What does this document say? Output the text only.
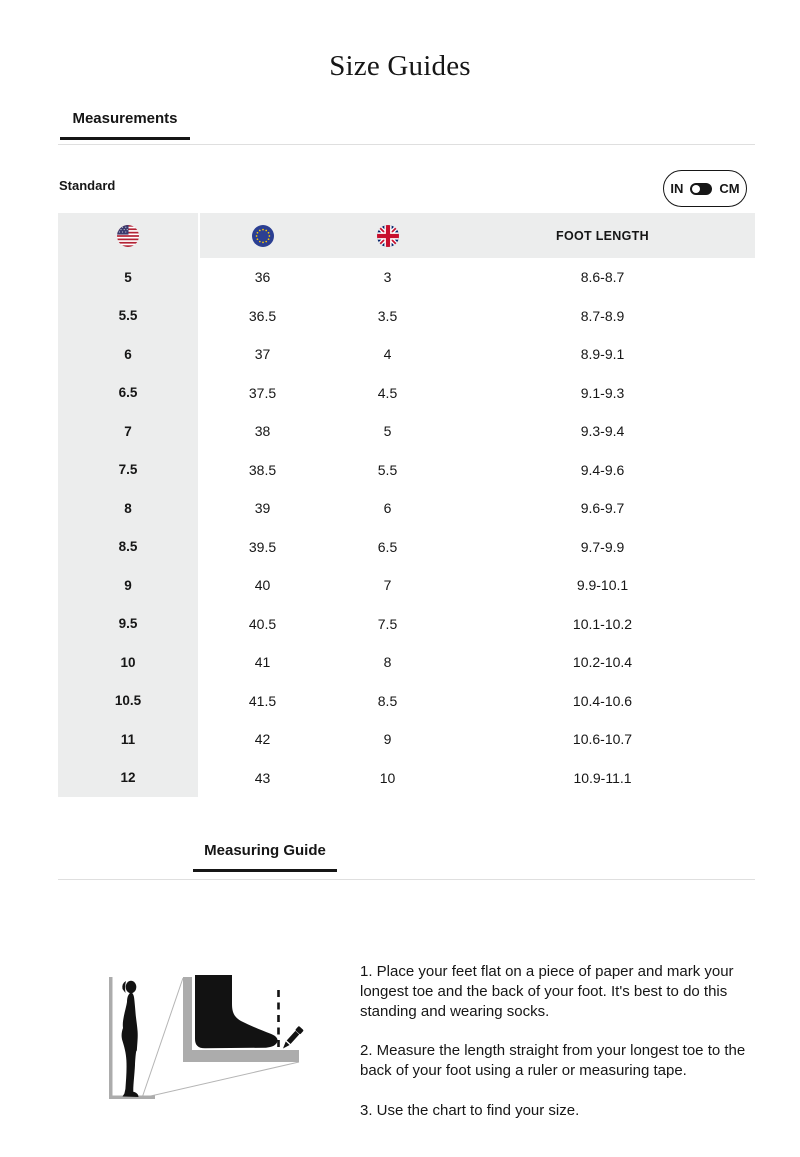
Size Guides
Measurements
Standard	IN	CM
FOOT LENGTH
5	36	3	8.6-8.7
5.5	36.5	3.5	8.7-8.9
6	37	4	8.9-9.1
6.5	37.5	4.5	9.1-9.3
7	38	5	9.3-9.4
7.5	38.5	5.5	9.4-9.6
8	39	6	9.6-9.7
8.5	39.5	6.5	9.7-9.9
9	40	7	9.9-10.1
9.5	40.5	7.5	10.1-10.2
10	41	8	10.2-10.4
10.5	41.5	8.5	10.4-10.6
11	42	9	10.6-10.7
12	43	10	10.9-11.1
Measuring Guide

1. Place your feet flat on a piece of paper and mark your longest toe and the back of your foot. It's best to do this standing and wearing socks.

2. Measure the length straight from your longest toe to the back of your foot using a ruler or measuring tape.

3. Use the chart to find your size.
